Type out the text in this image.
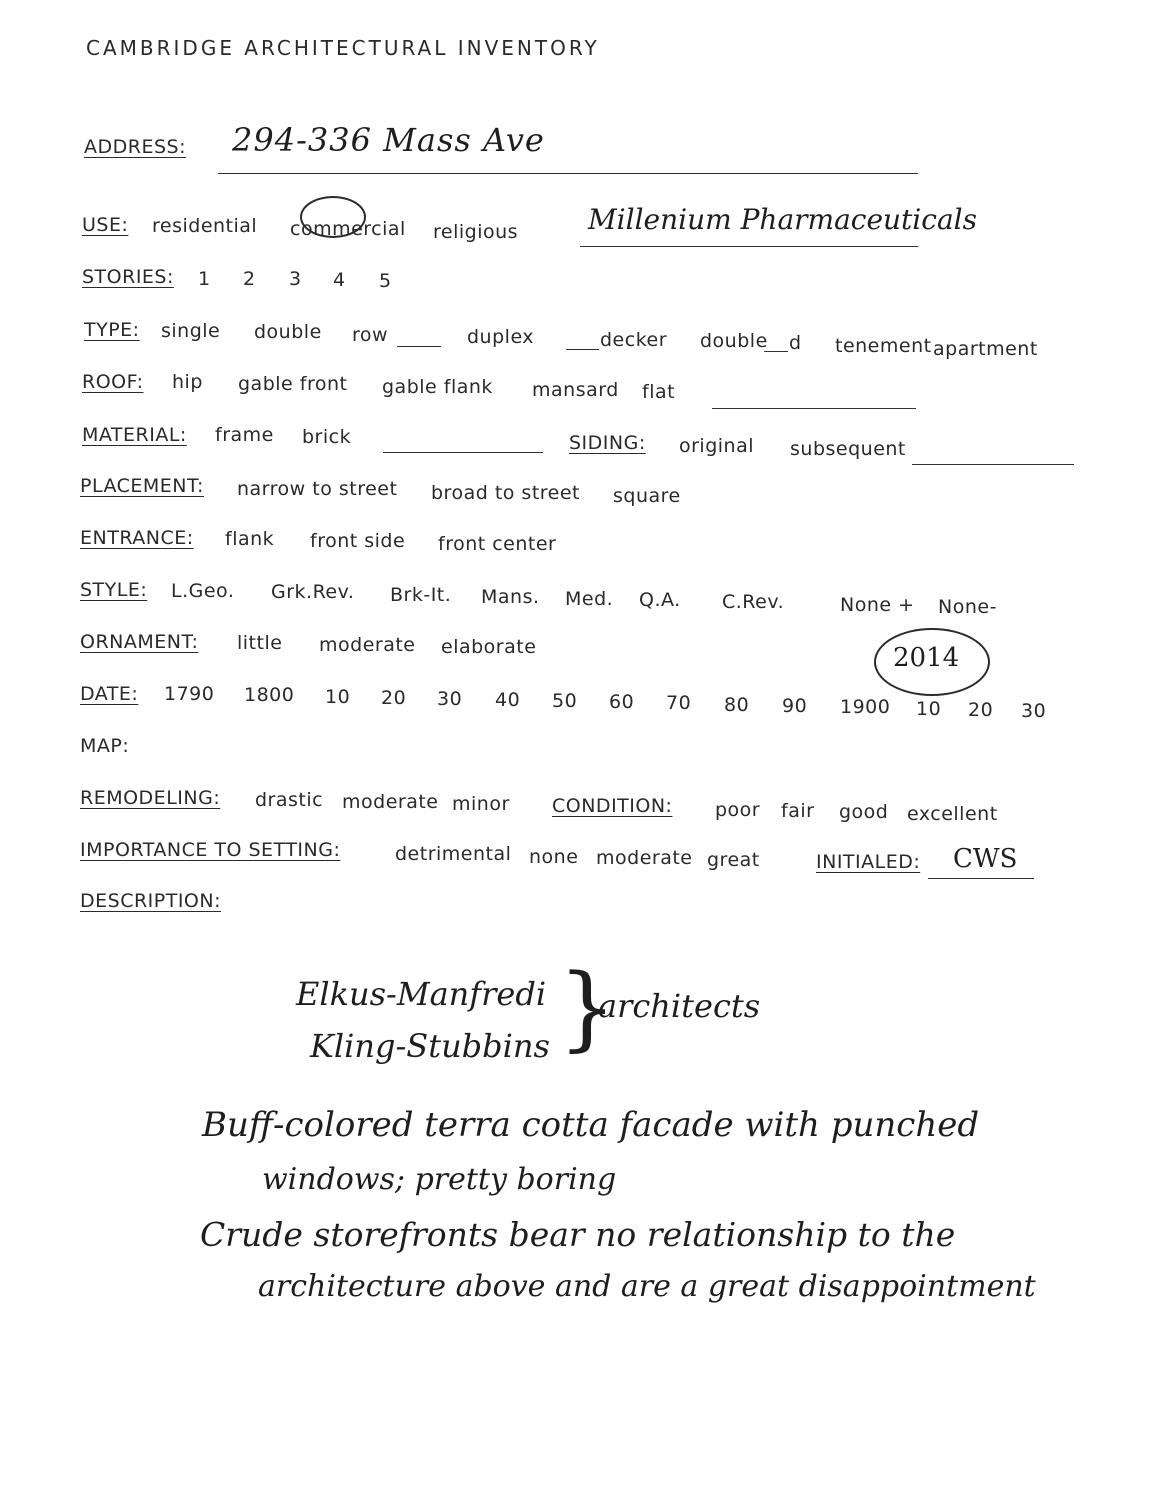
CAMBRIDGE ARCHITECTURAL INVENTORY
ADDRESS: 294-336 Mass Ave
USE: residential commercial religious Millenium Pharmaceuticals
STORIES: 1 2 3 4 5
TYPE: single double row	duplex	decker double d tenement apartment
ROOF: hip gable front gable flank mansard flat
MATERIAL: frame brick	SIDING: original subsequent
PLACEMENT: narrow to street broad to street square
ENTRANCE: flank front side front center
STYLE: L.Geo. Grk.Rev. Brk-It. Mans. Med. Q.A. C.Rev.	None + None-
ORNAMENT: little moderate elaborate
DATE: 1790 1800 10 20 30 40 50 60 70 80 90 1900 10 20 30
2014
MAP:
REMODELING: drastic moderate minor CONDITION: poor fair good excellent
IMPORTANCE TO SETTING:	detrimental none moderate great	INITIALED: CWS
DESCRIPTION:
Elkus-Manfredi
Kling-Stubbins }
architects
Buff-colored terra cotta facade with punched
windows; pretty boring
Crude storefronts bear no relationship to the
architecture above and are a great disappointment
